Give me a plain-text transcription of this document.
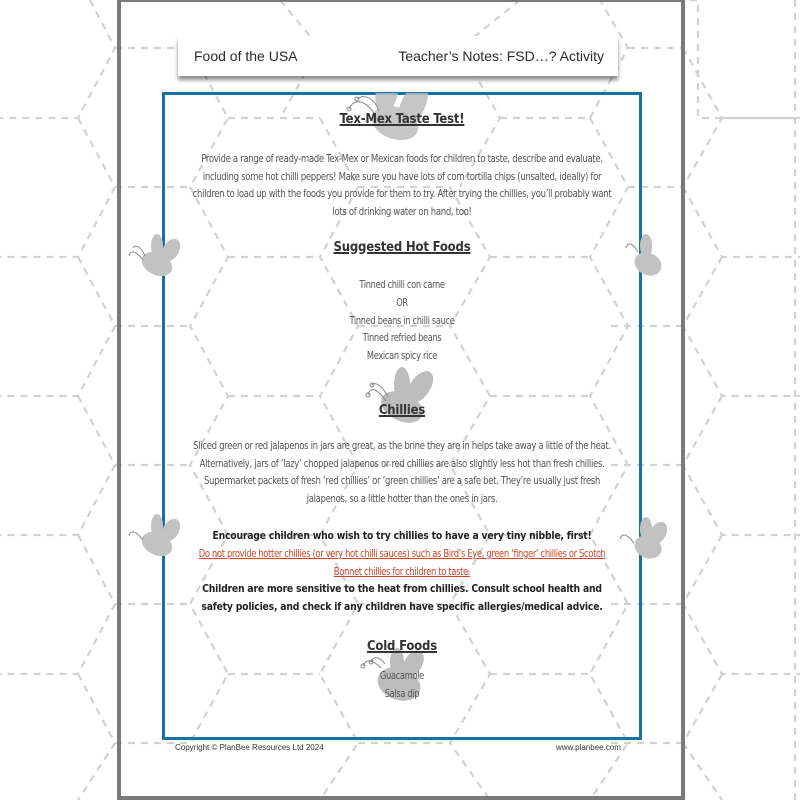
Food of the USA	Teacher’s Notes: FSD…? Activity
Tex-Mex Taste Test!
Provide a range of ready-made Tex-Mex or Mexican foods for children to taste, describe and evaluate,
including some hot chilli peppers! Make sure you have lots of corn tortilla chips (unsalted, ideally) for
children to load up with the foods you provide for them to try. After trying the chillies, you’ll probably want
lots of drinking water on hand, too!
Suggested Hot Foods
Tinned chilli con carne
OR
Tinned beans in chilli sauce
Tinned refried beans
Mexican spicy rice
Chillies
Sliced green or red jalapenos in jars are great, as the brine they are in helps take away a little of the heat.
Alternatively, jars of ‘lazy’ chopped jalapenos or red chillies are also slightly less hot than fresh chillies.
Supermarket packets of fresh ‘red chillies’ or ‘green chillies’ are a safe bet. They’re usually just fresh
jalapenos, so a little hotter than the ones in jars.
Encourage children who wish to try chillies to have a very tiny nibble, first!
Do not provide hotter chillies (or very hot chilli sauces) such as Bird’s Eye, green ‘finger’ chillies or Scotch
Bonnet chillies for children to taste.
Children are more sensitive to the heat from chillies. Consult school health and
safety policies, and check if any children have specific allergies/medical advice.
Cold Foods
Guacamole
Salsa dip
Copyright © PlanBee Resources Ltd 2024	www.planbee.com
